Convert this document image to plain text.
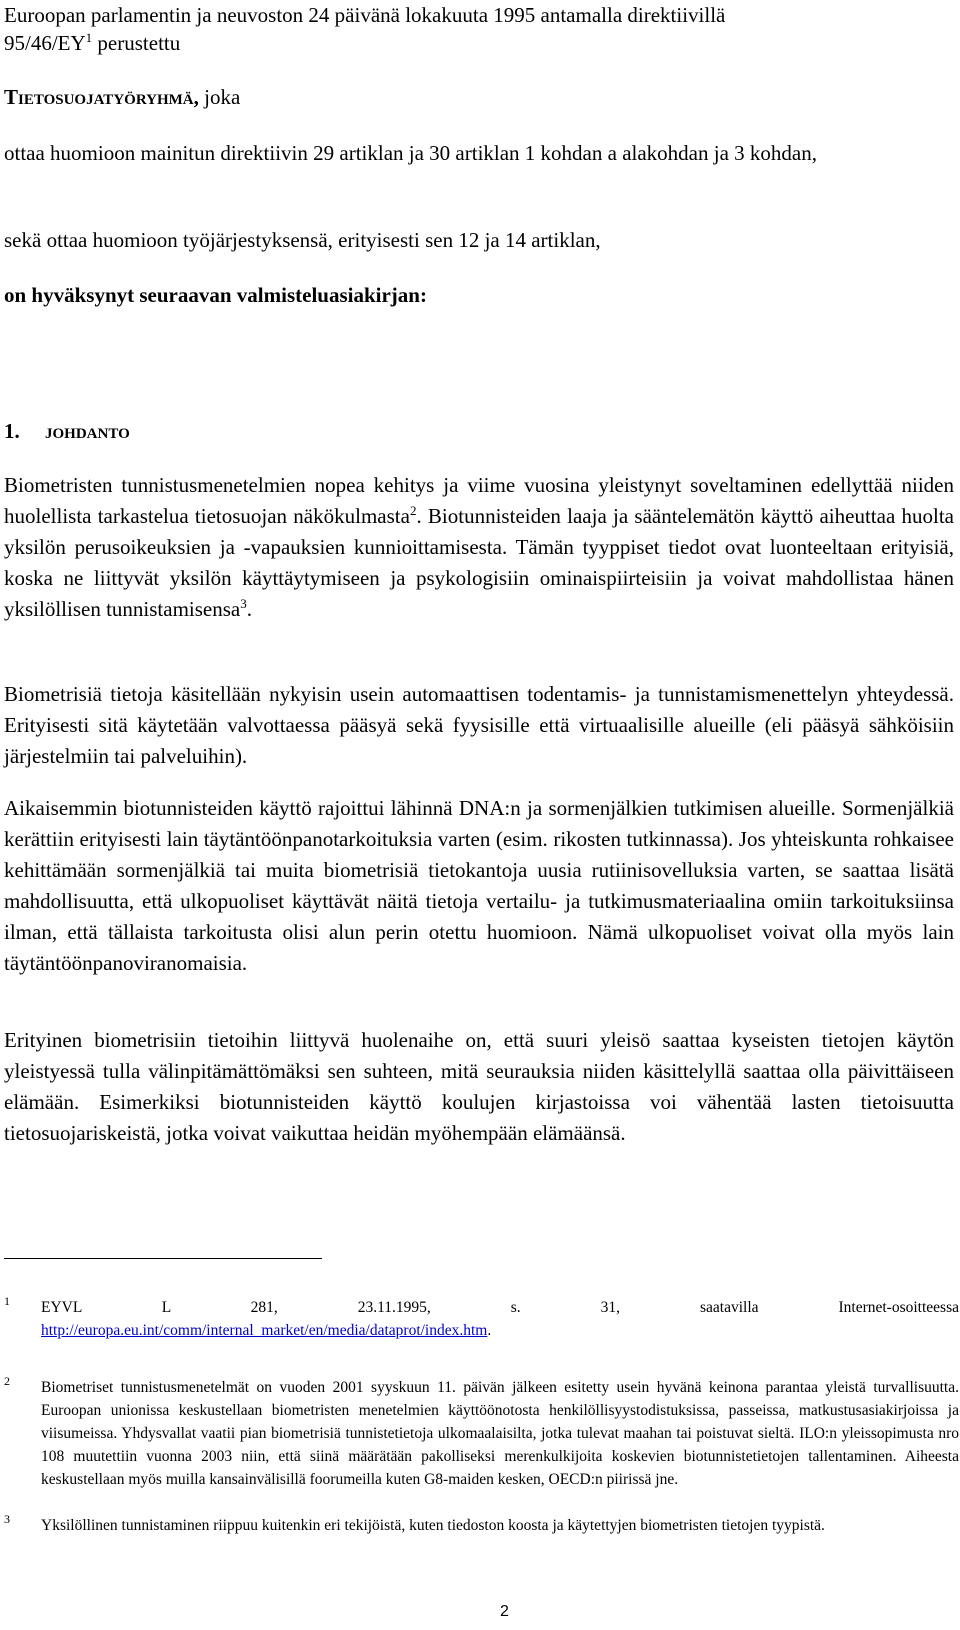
Euroopan parlamentin ja neuvoston 24 päivänä lokakuuta 1995 antamalla direktiivillä

$95/46/EY^1$ perustettu

Tietosuojatyöryhmä, joka

ottaa huomioon mainitun direktiivin 29 artiklan ja 30 artiklan 1 kohdan a alakohdan ja 3 kohdan,

sekä ottaa huomioon työjärjestyksensä, erityisesti sen 12 ja 14 artiklan,

on hyväksynyt seuraavan valmisteluasiakirjan:

1. johdanto

Biometristen tunnistusmenetelmien nopea kehitys ja viime vuosina yleistynyt soveltaminen edellyttää niiden huolellista tarkastelua tietosuojan näkökulmasta$^2$. Biotunnisteiden laaja ja sääntelemätön käyttö aiheuttaa huolta yksilön perusoikeuksien ja -vapauksien kunnioittamisesta. Tämän tyyppiset tiedot ovat luonteeltaan erityisiä, koska ne liittyvät yksilön käyttäytymiseen ja psykologisiin ominaispiirteisiin ja voivat mahdollistaa hänen yksilöllisen tunnistamisensa$^3$.

Biometrisiä tietoja käsitellään nykyisin usein automaattisen todentamis- ja tunnistamismenettelyn yhteydessä. Erityisesti sitä käytetään valvottaessa pääsyä sekä fyysisille että virtuaalisille alueille (eli pääsyä sähköisiin järjestelmiin tai palveluihin).

Aikaisemmin biotunnisteiden käyttö rajoittui lähinnä DNA:n ja sormenjälkien tutkimisen alueille. Sormenjälkiä kerättiin erityisesti lain täytäntöönpanotarkoituksia varten (esim. rikosten tutkinnassa). Jos yhteiskunta rohkaisee kehittämään sormenjälkiä tai muita biometrisiä tietokantoja uusia rutiinisovelluksia varten, se saattaa lisätä mahdollisuutta, että ulkopuoliset käyttävät näitä tietoja vertailu- ja tutkimusmateriaalina omiin tarkoituksiinsa ilman, että tällaista tarkoitusta olisi alun perin otettu huomioon. Nämä ulkopuoliset voivat olla myös lain täytäntöönpanoviranomaisia.

Erityinen biometrisiin tietoihin liittyvä huolenaihe on, että suuri yleisö saattaa kyseisten tietojen käytön yleistyessä tulla välinpitämättömäksi sen suhteen, mitä seurauksia niiden käsittelyllä saattaa olla päivittäiseen elämään. Esimerkiksi biotunnisteiden käyttö koulujen kirjastoissa voi vähentää lasten tietoisuutta tietosuojariskeistä, jotka voivat vaikuttaa heidän myöhempään elämäänsä.

1 EYVL L 281, 23.11.1995, s. 31, saatavilla Internet-osoitteessa
http://europa.eu.int/comm/internal_market/en/media/dataprot/index.htm.
2 Biometriset tunnistusmenetelmät on vuoden 2001 syyskuun 11. päivän jälkeen esitetty usein hyvänä keinona parantaa yleistä turvallisuutta. Euroopan unionissa keskustellaan biometristen menetelmien käyttöönotosta henkilöllisyystodistuksissa, passeissa, matkustusasiakirjoissa ja viisumeissa. Yhdysvallat vaatii pian biometrisiä tunnistetietoja ulkomaalaisilta, jotka tulevat maahan tai poistuvat sieltä. ILO:n yleissopimusta nro 108 muutettiin vuonna 2003 niin, että siinä määrätään pakolliseksi merenkulkijoita koskevien biotunnistetietojen tallentaminen. Aiheesta keskustellaan myös muilla kansainvälisillä foorumeilla kuten G8-maiden kesken, OECD:n piirissä jne.
3 Yksilöllinen tunnistaminen riippuu kuitenkin eri tekijöistä, kuten tiedoston koosta ja käytettyjen biometristen tietojen tyypistä.
2
